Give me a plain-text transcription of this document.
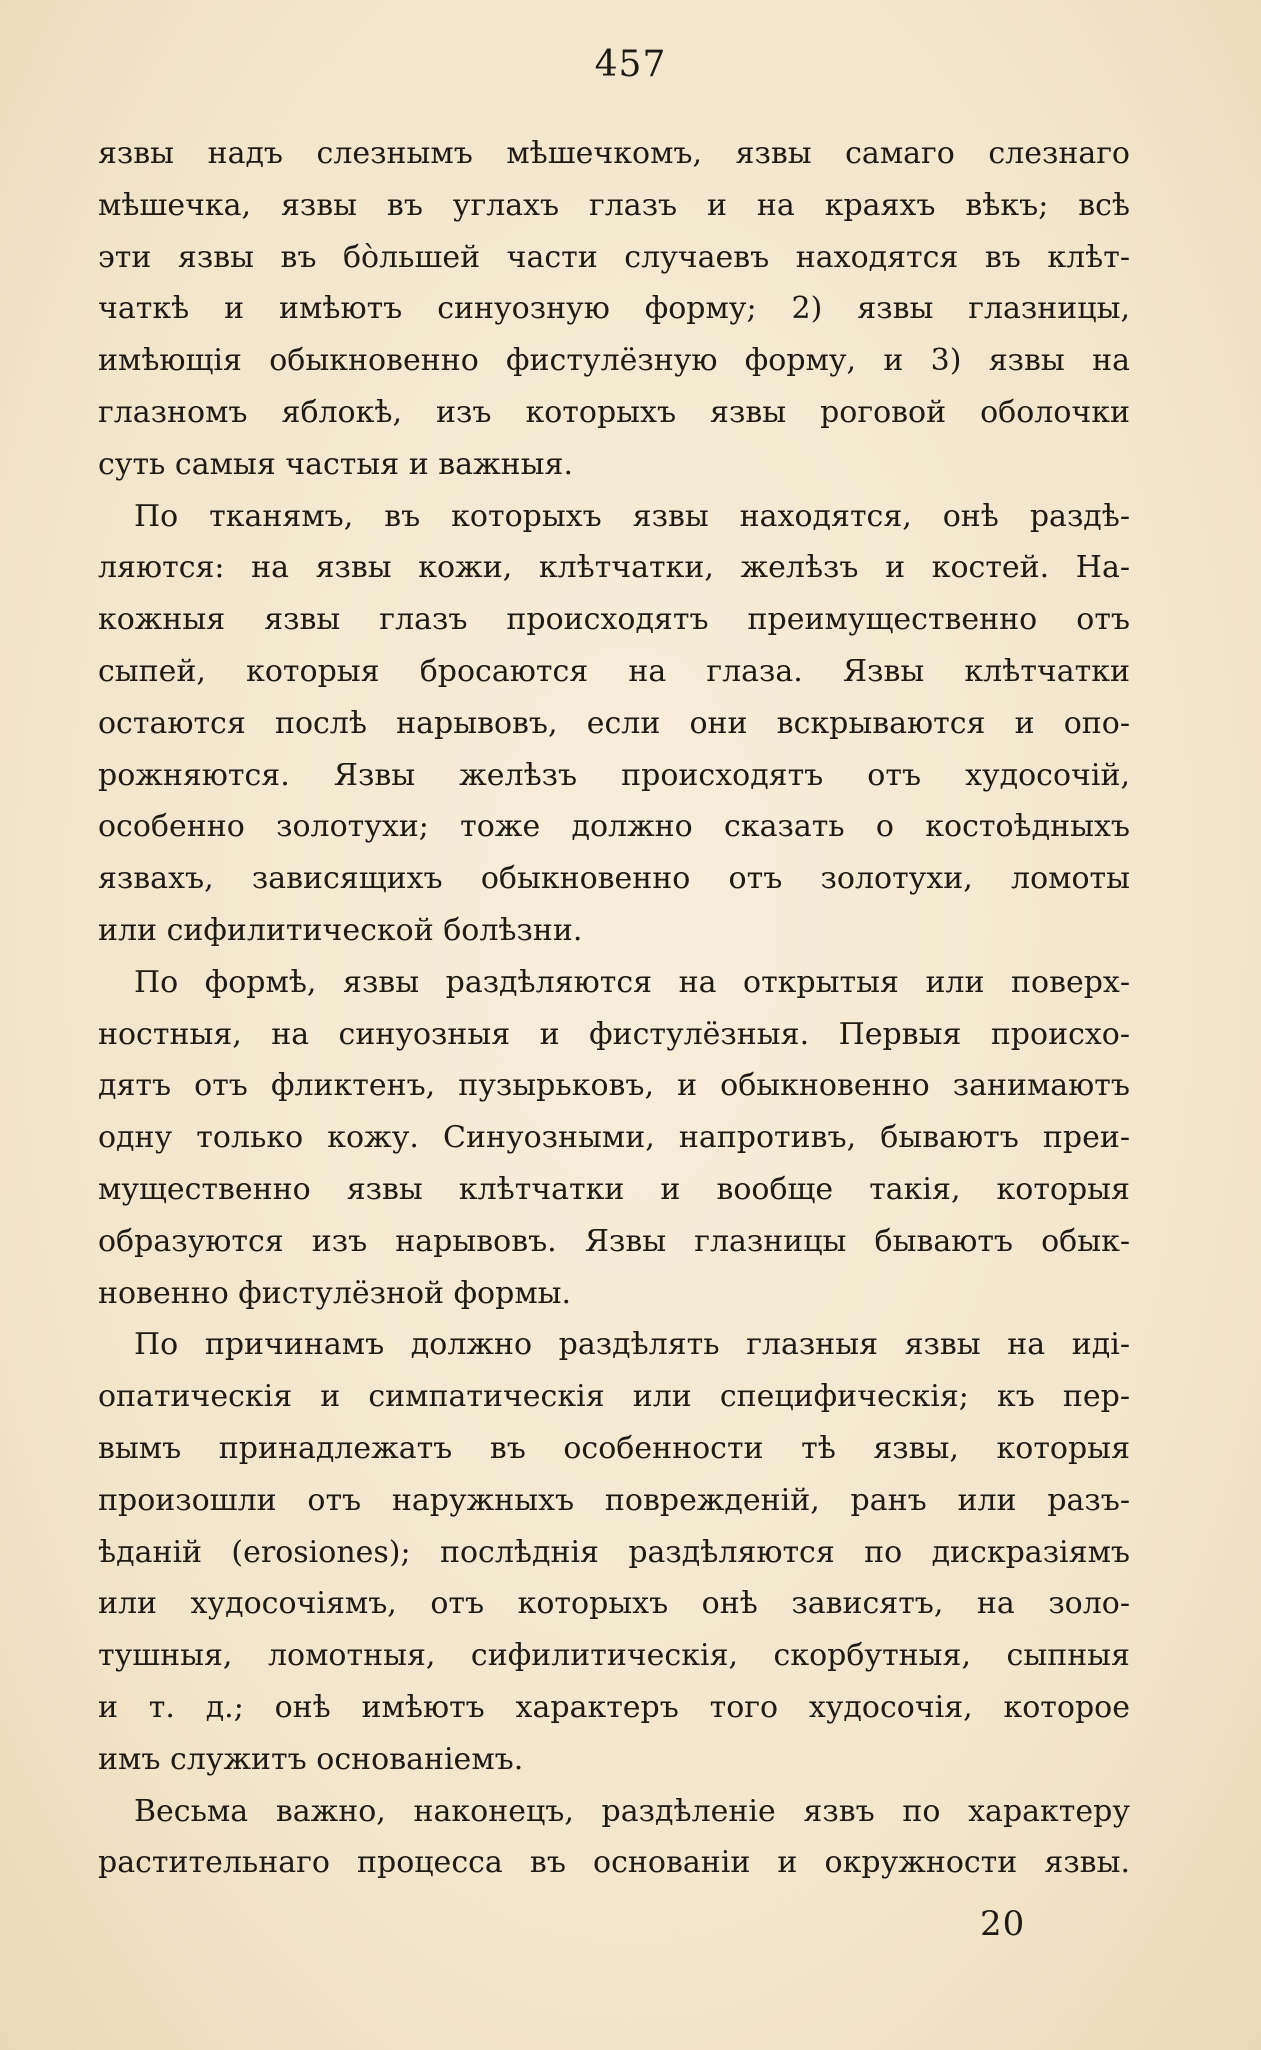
457
язвы надъ слезнымъ мѣшечкомъ, язвы самаго слезнаго
мѣшечка, язвы въ углахъ глазъ и на краяхъ вѣкъ; всѣ
эти язвы въ бо̀льшей части случаевъ находятся въ клѣт-
чаткѣ и имѣютъ синуозную форму; 2) язвы глазницы,
имѣющія обыкновенно фистулёзную форму, и 3) язвы на
глазномъ яблокѣ, изъ которыхъ язвы роговой оболочки
суть самыя частыя и важныя.
По тканямъ, въ которыхъ язвы находятся, онѣ раздѣ-
ляются: на язвы кожи, клѣтчатки, желѣзъ и костей. На-
кожныя язвы глазъ происходятъ преимущественно отъ
сыпей, которыя бросаются на глаза. Язвы клѣтчатки
остаются послѣ нарывовъ, если они вскрываются и опо-
рожняются. Язвы желѣзъ происходятъ отъ худосочій,
особенно золотухи; тоже должно сказать о костоѣдныхъ
язвахъ, зависящихъ обыкновенно отъ золотухи, ломоты
или сифилитической болѣзни.
По формѣ, язвы раздѣляются на открытыя или поверх-
ностныя, на синуозныя и фистулёзныя. Первыя происхо-
дятъ отъ фликтенъ, пузырьковъ, и обыкновенно занимаютъ
одну только кожу. Синуозными, напротивъ, бываютъ преи-
мущественно язвы клѣтчатки и вообще такія, которыя
образуются изъ нарывовъ. Язвы глазницы бываютъ обык-
новенно фистулёзной формы.
По причинамъ должно раздѣлять глазныя язвы на иді-
опатическія и симпатическія или специфическія; къ пер-
вымъ принадлежатъ въ особенности тѣ язвы, которыя
произошли отъ наружныхъ поврежденій, ранъ или разъ-
ѣданій (erosiones); послѣднія раздѣляются по дискразіямъ
или худосочіямъ, отъ которыхъ онѣ зависятъ, на золо-
тушныя, ломотныя, сифилитическія, скорбутныя, сыпныя
и т. д.; онѣ имѣютъ характеръ того худосочія, которое
имъ служитъ основаніемъ.
Весьма важно, наконецъ, раздѣленіе язвъ по характеру
растительнаго процесса въ основаніи и окружности язвы.
20
